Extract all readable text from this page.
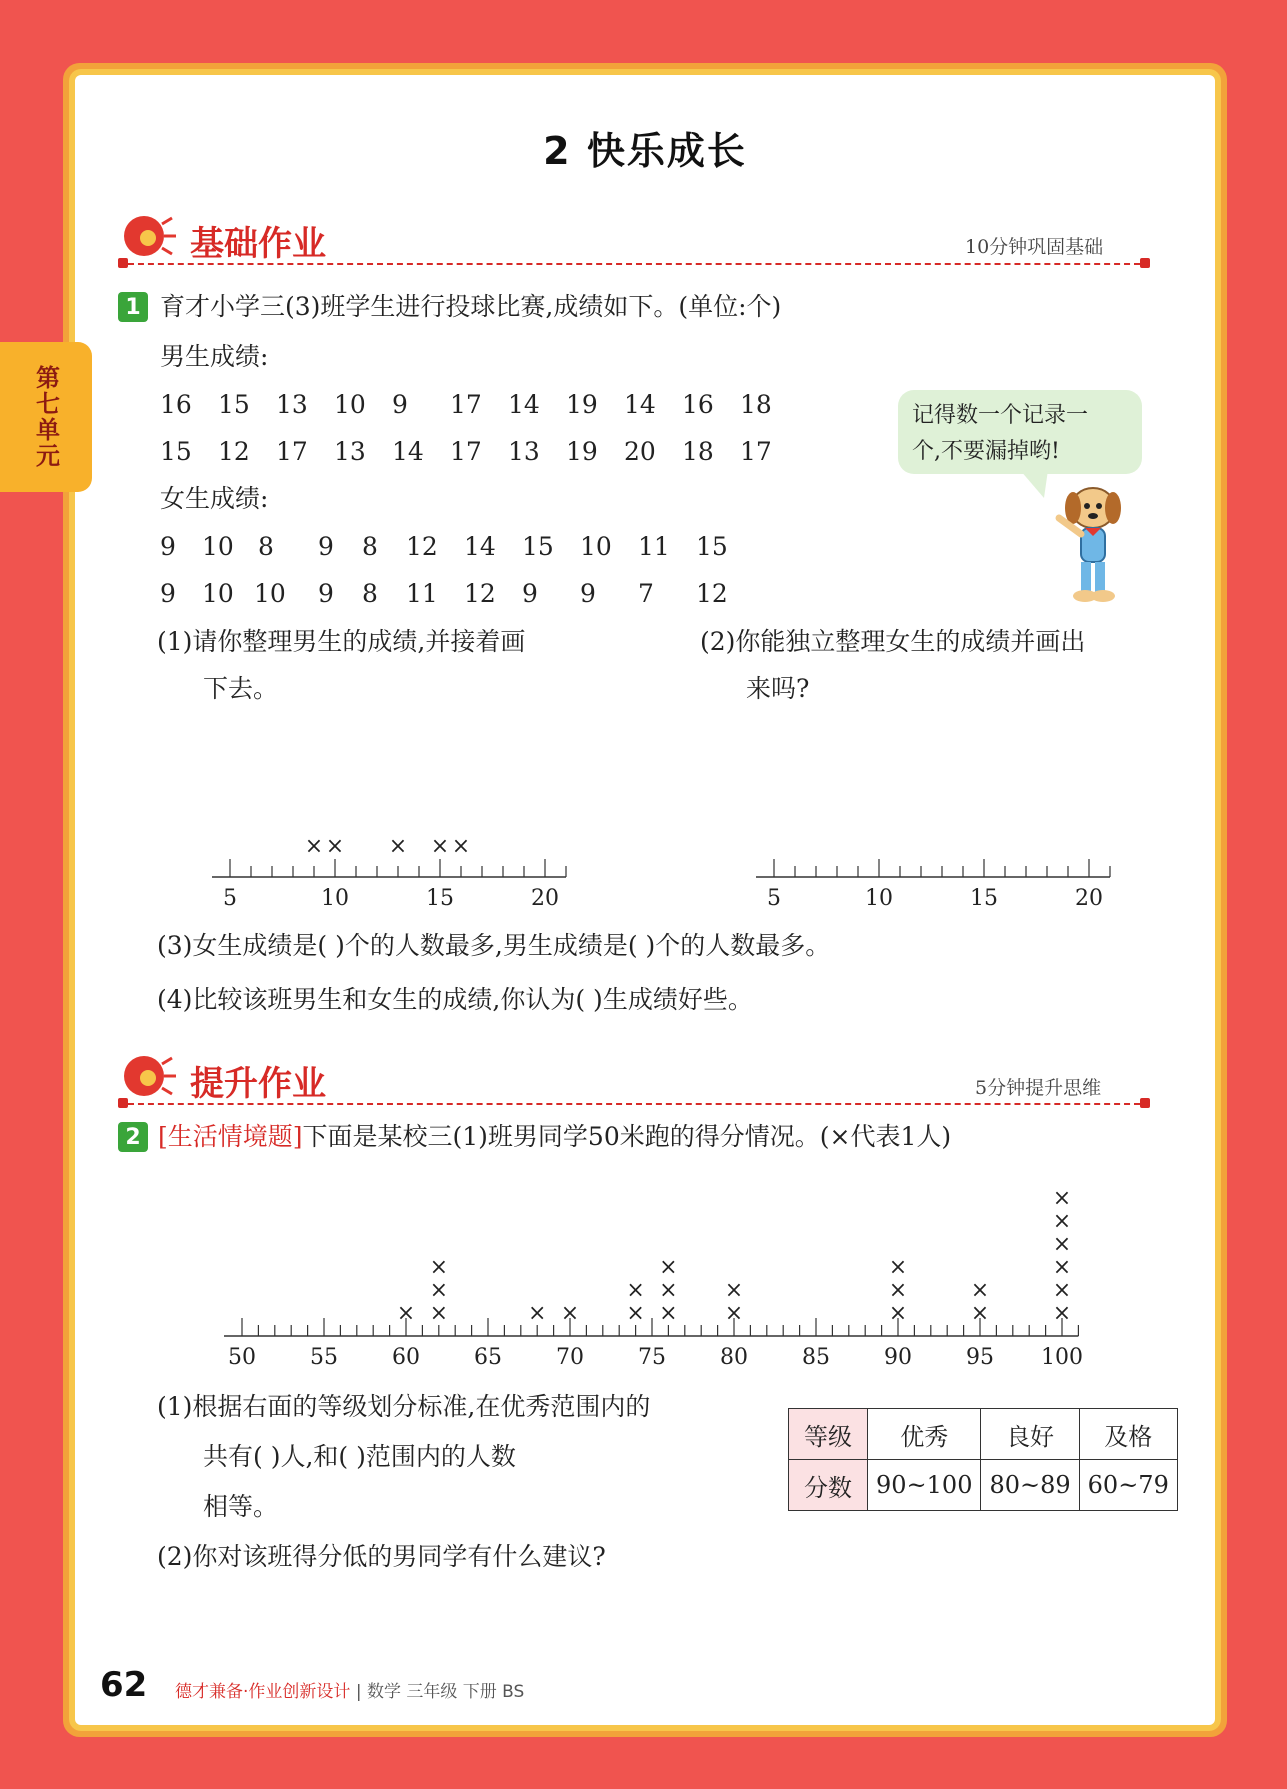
2 快乐成长
第七单元
基础作业	10分钟巩固基础
1 育才小学三(3)班学生进行投球比赛,成绩如下。(单位:个)
男生成绩:
16 15 13 10 9 17 14 19 14 16 18
15 12 17 13 14 17 13 19 20 18 17
女生成绩:
9 10 8 9 8 12 14 15 10 11 15
9 10 10 9 8 11 12 9 9 7 12
记得数一个记录一
个,不要漏掉哟!
(1)请你整理男生的成绩,并接着画
下去。
(2)你能独立整理女生的成绩并画出
来吗?
5	10	15	20
× × × × ×
5	10	15	20
(3)女生成绩是( )个的人数最多,男生成绩是( )个的人数最多。
(4)比较该班男生和女生的成绩,你认为( )生成绩好些。
提升作业	5分钟提升思维
2 [生活情境题]下面是某校三(1)班男同学50米跑的得分情况。(×代表1人)
50 55 60 65 70 75 80 85 90 95 100
× ×
×
×
× × ×
×
×
×
×
×
×
×
×
×
×
×
×
×
×
×
×
×
(1)根据右面的等级划分标准,在优秀范围内的
共有( )人,和( )范围内的人数
相等。
(2)你对该班得分低的男同学有什么建议?
等级	优秀	良好	及格
分数	90~100	80~89	60~79
62 德才兼备·作业创新设计 | 数学 三年级 下册 BS
